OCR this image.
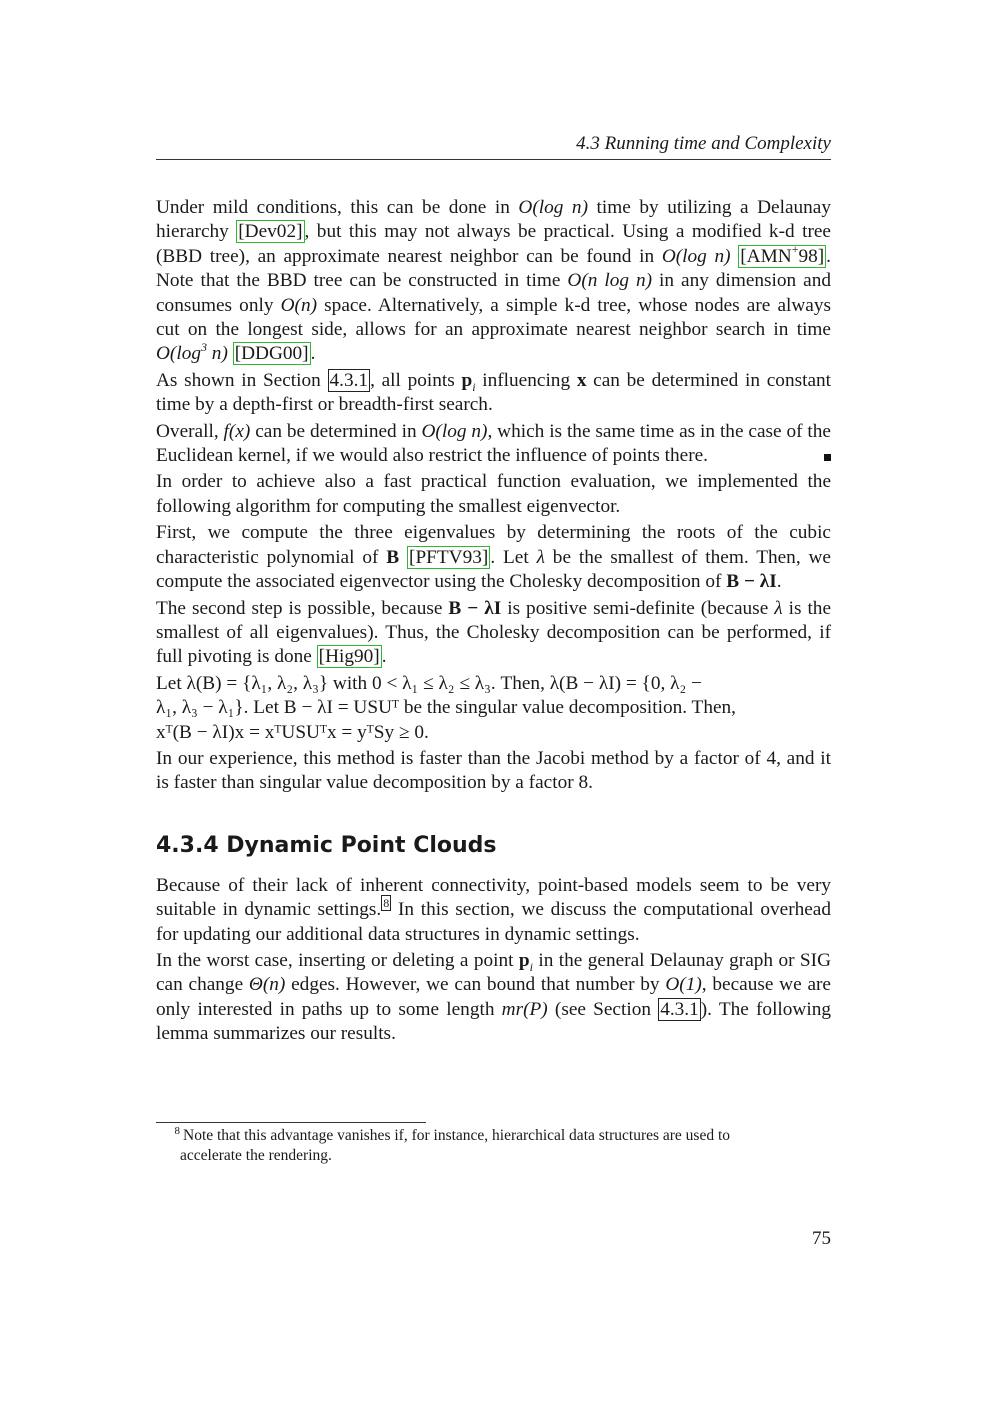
4.3 Running time and Complexity

Under mild conditions, this can be done in O(log n) time by utilizing a Delaunay hierarchy [Dev02] , but this may not always be practical. Using a modified k-d tree (BBD tree), an approximate nearest neighbor can be found in O(log n) [AMN+98] . Note that the BBD tree can be constructed in time O(n log n) in any dimension and consumes only O(n) space. Alternatively, a simple k-d tree, whose nodes are always cut on the longest side, allows for an approximate nearest neighbor search in time $O(\log^3$ n) [DDG00] .

As shown in Section 4.3.1 , all points $p_i$ influencing x can be determined in constant time by a depth-first or breadth-first search.

Overall, f(x) can be determined in O(log n), which is the same time as in the case of the Euclidean kernel, if we would also restrict the influence of points there.

In order to achieve also a fast practical function evaluation, we implemented the following algorithm for computing the smallest eigenvector.

First, we compute the three eigenvalues by determining the roots of the cubic characteristic polynomial of B [PFTV93] . Let λ be the smallest of them. Then, we compute the associated eigenvector using the Cholesky decomposition of B − λI.

The second step is possible, because B − λI is positive semi-definite (because λ is the smallest of all eigenvalues). Thus, the Cholesky decomposition can be performed, if full pivoting is done [Hig90] .

Let λ(B) = {λ₁, λ₂, λ₃} with 0 < λ₁ ≤ λ₂ ≤ λ₃. Then, λ(B − λI) = {0, λ₂ −
λ₁, λ₃ − λ₁}. Let B − λI = USUᵀ be the singular value decomposition. Then,
xᵀ(B − λI)x = xᵀUSUᵀx = yᵀSy ≥ 0.

In our experience, this method is faster than the Jacobi method by a factor of 4, and it is faster than singular value decomposition by a factor 8.

4.3.4 Dynamic Point Clouds

Because of their lack of inherent connectivity, point-based models seem to be very suitable in dynamic settings. $^8$ In this section, we discuss the computational overhead for updating our additional data structures in dynamic settings.

In the worst case, inserting or deleting a point $p_i$ in the general Delaunay graph or SIG can change Θ(n) edges. However, we can bound that number by O(1), because we are only interested in paths up to some length mr(P) (see Section 4.3.1 ). The following lemma summarizes our results.

8 Note that this advantage vanishes if, for instance, hierarchical data structures are used to
accelerate the rendering.
75
